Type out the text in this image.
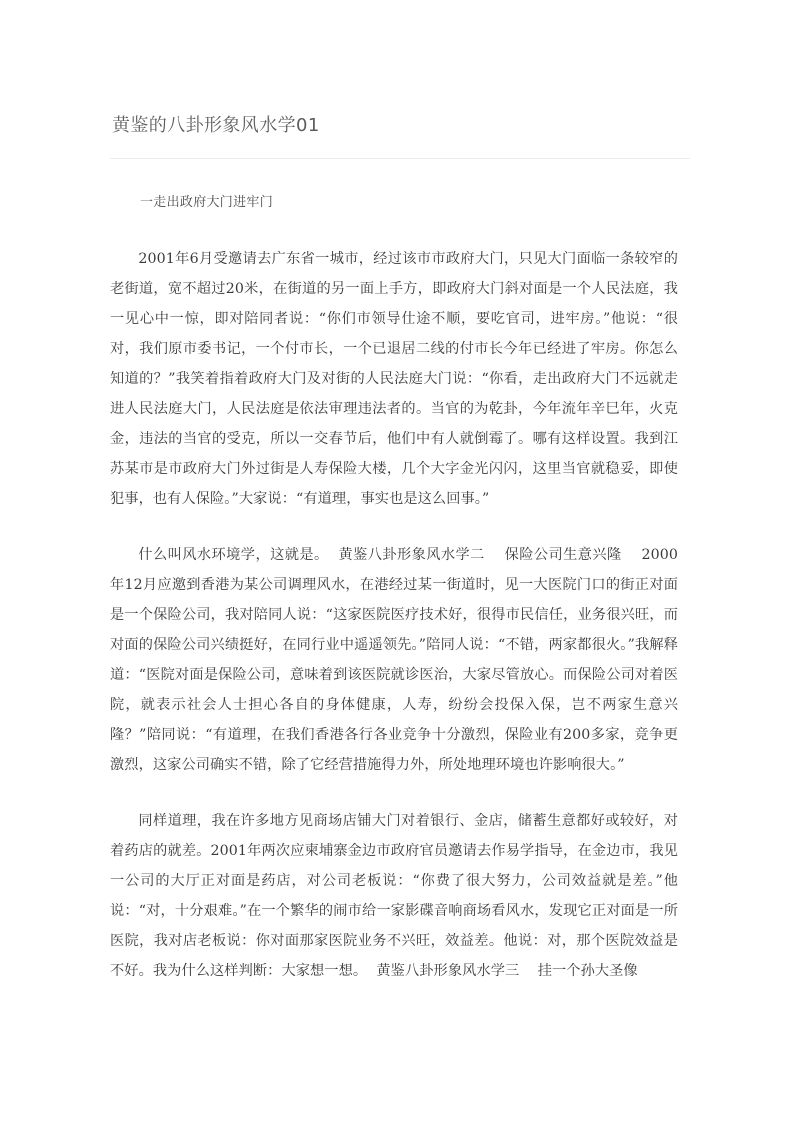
黄鉴的八卦形象风水学01
一走出政府大门进牢门

2001年6月受邀请去广东省一城市，经过该市市政府大门，只见大门面临一条较窄的老街道，宽不超过20米，在街道的另一面上手方，即政府大门斜对面是一个人民法庭，我一见心中一惊，即对陪同者说：“你们市领导仕途不顺，要吃官司，进牢房。”他说：“很对，我们原市委书记，一个付市长，一个已退居二线的付市长今年已经进了牢房。你怎么知道的？”我笑着指着政府大门及对街的人民法庭大门说：“你看，走出政府大门不远就走进人民法庭大门，人民法庭是依法审理违法者的。当官的为乾卦，今年流年辛巳年，火克金，违法的当官的受克，所以一交春节后，他们中有人就倒霉了。哪有这样设置。我到江苏某市是市政府大门外过街是人寿保险大楼，几个大字金光闪闪，这里当官就稳妥，即使犯事，也有人保险。”大家说：“有道理，事实也是这么回事。”

什么叫风水环境学，这就是。  黄鉴八卦形象风水学二    保险公司生意兴隆    2000年12月应邀到香港为某公司调理风水，在港经过某一街道时，见一大医院门口的街正对面是一个保险公司，我对陪同人说：“这家医院医疗技术好，很得市民信任，业务很兴旺，而对面的保险公司兴绩挺好，在同行业中遥遥领先。”陪同人说：“不错，两家都很火。”我解释道：“医院对面是保险公司，意味着到该医院就诊医治，大家尽管放心。而保险公司对着医院，就表示社会人士担心各自的身体健康，人寿，纷纷会投保入保，岂不两家生意兴隆？”陪同说：“有道理，在我们香港各行各业竞争十分激烈，保险业有200多家，竞争更激烈，这家公司确实不错，除了它经营措施得力外，所处地理环境也许影响很大。”

同样道理，我在许多地方见商场店铺大门对着银行、金店，储蓄生意都好或较好，对着药店的就差。2001年两次应柬埔寨金边市政府官员邀请去作易学指导，在金边市，我见一公司的大厅正对面是药店，对公司老板说：“你费了很大努力，公司效益就是差。”他说：“对，十分艰难。”在一个繁华的闹市给一家影碟音响商场看风水，发现它正对面是一所医院，我对店老板说：你对面那家医院业务不兴旺，效益差。他说：对，那个医院效益是不好。我为什么这样判断：大家想一想。  黄鉴八卦形象风水学三    挂一个孙大圣像
